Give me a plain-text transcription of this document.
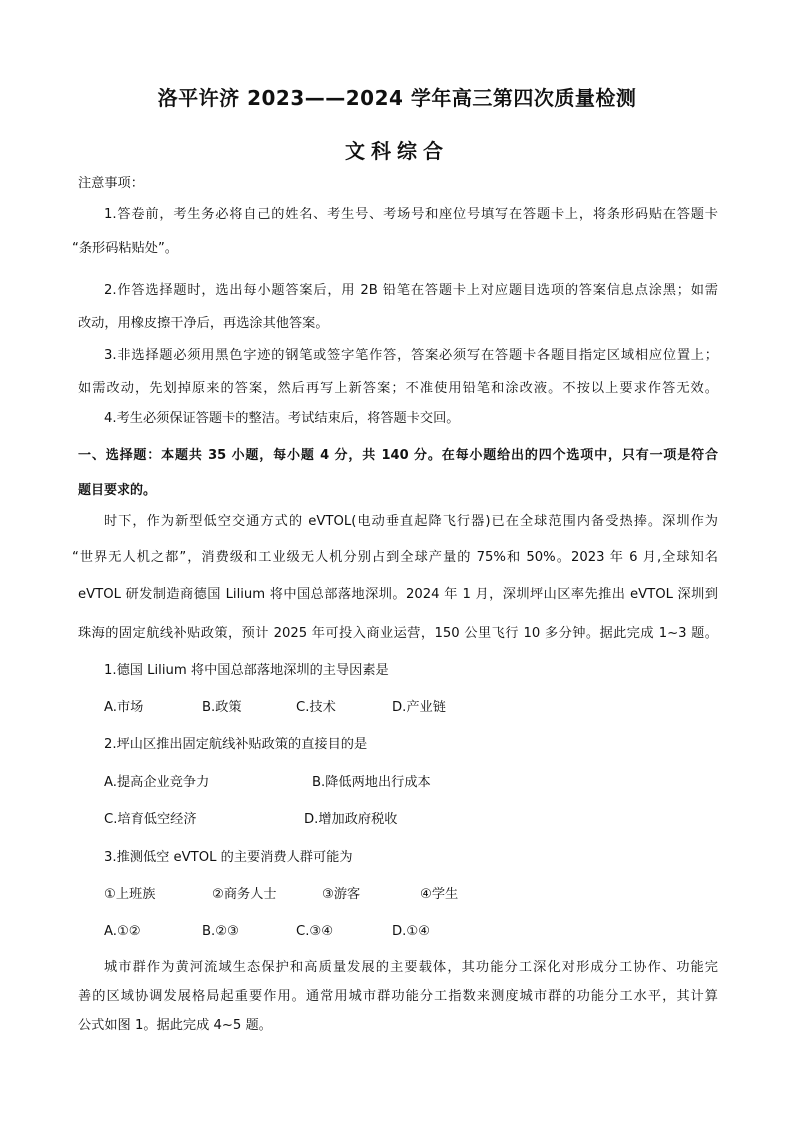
洛平许济 2023——2024 学年高三第四次质量检测
文科综合
注意事项：
1.答卷前，考生务必将自己的姓名、考生号、考场号和座位号填写在答题卡上，将条形码贴在答题卡
“条形码粘贴处”。
2.作答选择题时，选出每小题答案后，用 2B 铅笔在答题卡上对应题目选项的答案信息点涂黑；如需
改动，用橡皮擦干净后，再选涂其他答案。
3.非选择题必须用黑色字迹的钢笔或签字笔作答，答案必须写在答题卡各题目指定区域相应位置上；
如需改动，先划掉原来的答案，然后再写上新答案；不准使用铅笔和涂改液。不按以上要求作答无效。
4.考生必须保证答题卡的整洁。考试结束后，将答题卡交回。
一、选择题：本题共 35 小题，每小题 4 分，共 140 分。在每小题给出的四个选项中，只有一项是符合
题目要求的。
时下，作为新型低空交通方式的 eVTOL(电动垂直起降飞行器)已在全球范围内备受热捧。深圳作为
“世界无人机之都”，消费级和工业级无人机分别占到全球产量的 75%和 50%。2023 年 6 月,全球知名
eVTOL 研发制造商德国 Lilium 将中国总部落地深圳。2024 年 1 月，深圳坪山区率先推出 eVTOL 深圳到
珠海的固定航线补贴政策，预计 2025 年可投入商业运营，150 公里飞行 10 多分钟。据此完成 1~3 题。
1.德国 Lilium 将中国总部落地深圳的主导因素是
A.市场	B.政策	C.技术	D.产业链
2.坪山区推出固定航线补贴政策的直接目的是
A.提高企业竞争力	B.降低两地出行成本
C.培育低空经济	D.增加政府税收
3.推测低空 eVTOL 的主要消费人群可能为
①上班族	②商务人士	③游客	④学生
A.①②	B.②③	C.③④	D.①④
城市群作为黄河流域生态保护和高质量发展的主要载体，其功能分工深化对形成分工协作、功能完
善的区域协调发展格局起重要作用。通常用城市群功能分工指数来测度城市群的功能分工水平，其计算
公式如图 1。据此完成 4~5 题。
